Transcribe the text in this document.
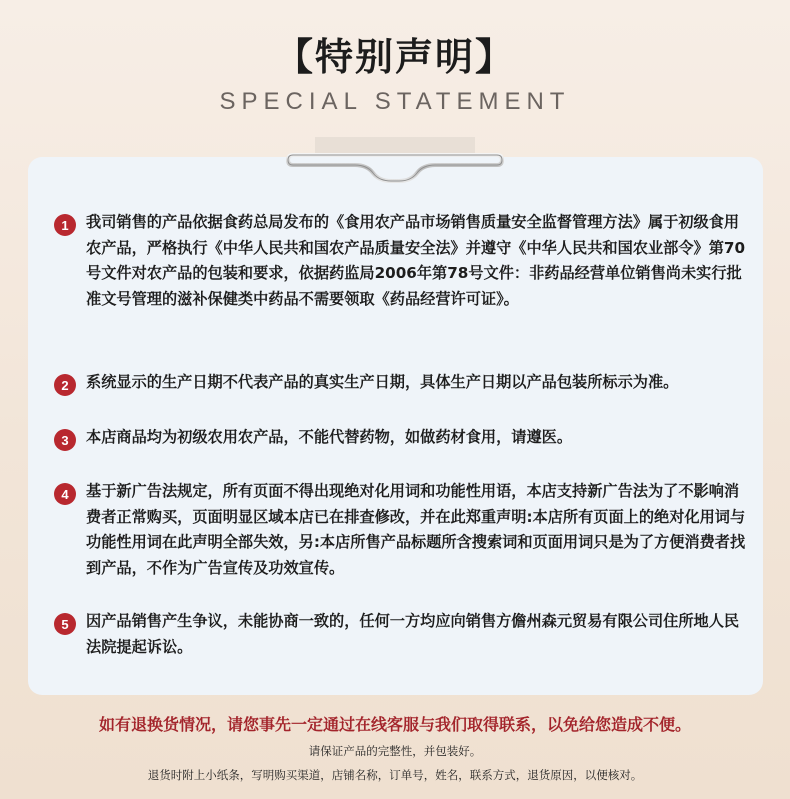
【特别声明】
SPECIAL STATEMENT
1	我司销售的产品依据食药总局发布的《食用农产品市场销售质量安全监督管理方法》属于初级食用农产品，严格执行《中华人民共和国农产品质量安全法》并遵守《中华人民共和国农业部令》第70号文件对农产品的包装和要求，依据药监局2006年第78号文件：非药品经营单位销售尚未实行批准文号管理的滋补保健类中药品不需要领取《药品经营许可证》。
2	系统显示的生产日期不代表产品的真实生产日期，具体生产日期以产品包装所标示为准。
3	本店商品均为初级农用农产品，不能代替药物，如做药材食用，请遵医。
4	基于新广告法规定，所有页面不得出现绝对化用词和功能性用语，本店支持新广告法为了不影响消费者正常购买，页面明显区域本店已在排查修改，并在此郑重声明:本店所有页面上的绝对化用词与功能性用词在此声明全部失效，另:本店所售产品标题所含搜索词和页面用词只是为了方便消费者找到产品，不作为广告宣传及功效宣传。
5	因产品销售产生争议，未能协商一致的，任何一方均应向销售方儋州森元贸易有限公司住所地人民法院提起诉讼。
如有退换货情况，请您事先一定通过在线客服与我们取得联系，以免给您造成不便。
请保证产品的完整性，并包装好。
退货时附上小纸条，写明购买渠道，店铺名称，订单号，姓名，联系方式，退货原因，以便核对。
